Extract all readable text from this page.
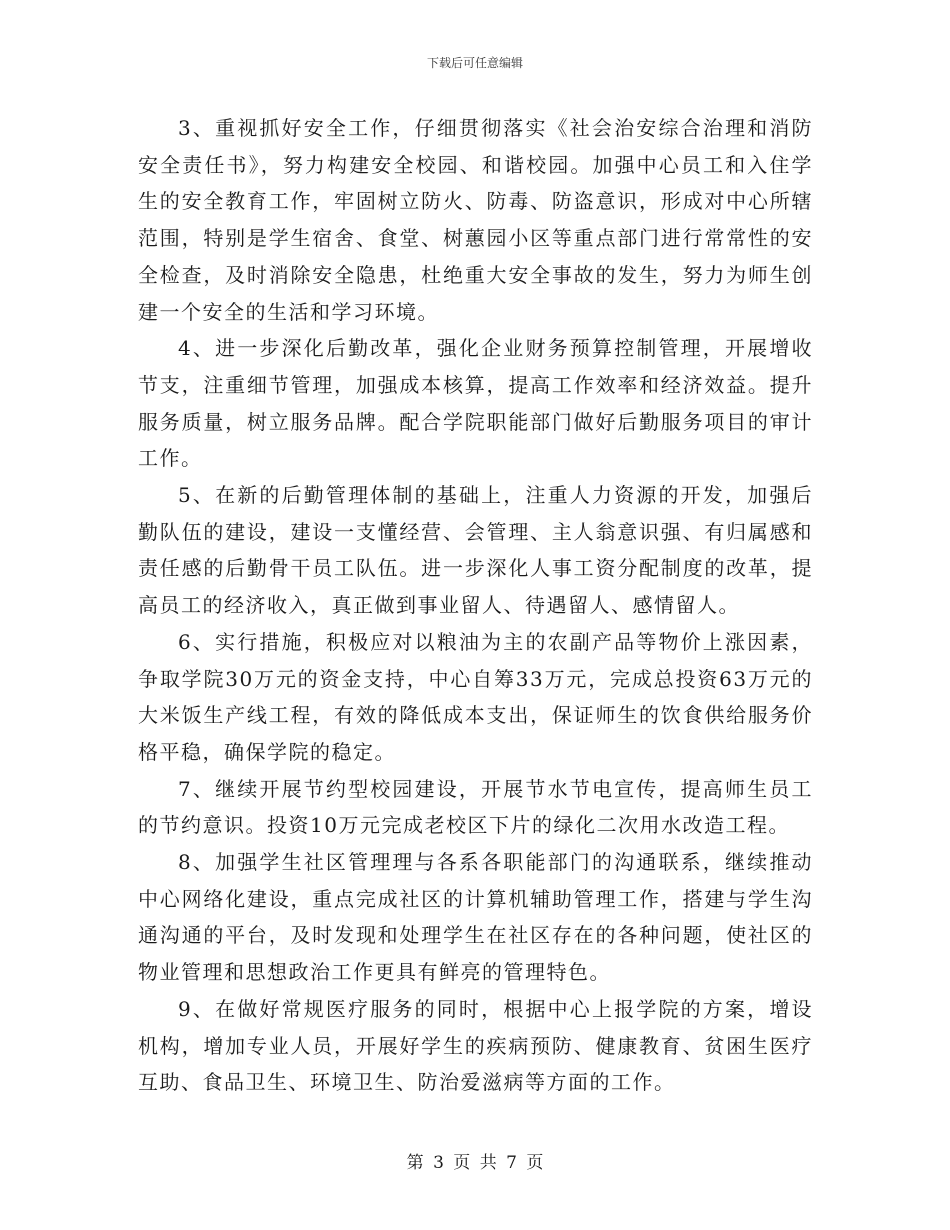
下载后可任意编辑

3、重视抓好安全工作，仔细贯彻落实《社会治安综合治理和消防安全责任书》，努力构建安全校园、和谐校园。加强中心员工和入住学生的安全教育工作，牢固树立防火、防毒、防盗意识，形成对中心所辖范围，特别是学生宿舍、食堂、树蕙园小区等重点部门进行常常性的安全检查，及时消除安全隐患，杜绝重大安全事故的发生，努力为师生创建一个安全的生活和学习环境。

4、进一步深化后勤改革，强化企业财务预算控制管理，开展增收节支，注重细节管理，加强成本核算，提高工作效率和经济效益。提升服务质量，树立服务品牌。配合学院职能部门做好后勤服务项目的审计工作。

5、在新的后勤管理体制的基础上，注重人力资源的开发，加强后勤队伍的建设，建设一支懂经营、会管理、主人翁意识强、有归属感和责任感的后勤骨干员工队伍。进一步深化人事工资分配制度的改革，提高员工的经济收入，真正做到事业留人、待遇留人、感情留人。

6、实行措施，积极应对以粮油为主的农副产品等物价上涨因素，争取学院30万元的资金支持，中心自筹33万元，完成总投资63万元的大米饭生产线工程，有效的降低成本支出，保证师生的饮食供给服务价格平稳，确保学院的稳定。

7、继续开展节约型校园建设，开展节水节电宣传，提高师生员工的节约意识。投资10万元完成老校区下片的绿化二次用水改造工程。

8、加强学生社区管理理与各系各职能部门的沟通联系，继续推动中心网络化建设，重点完成社区的计算机辅助管理工作，搭建与学生沟通沟通的平台，及时发现和处理学生在社区存在的各种问题，使社区的物业管理和思想政治工作更具有鲜亮的管理特色。

9、在做好常规医疗服务的同时，根据中心上报学院的方案，增设机构，增加专业人员，开展好学生的疾病预防、健康教育、贫困生医疗互助、食品卫生、环境卫生、防治爱滋病等方面的工作。

第 3 页 共 7 页
